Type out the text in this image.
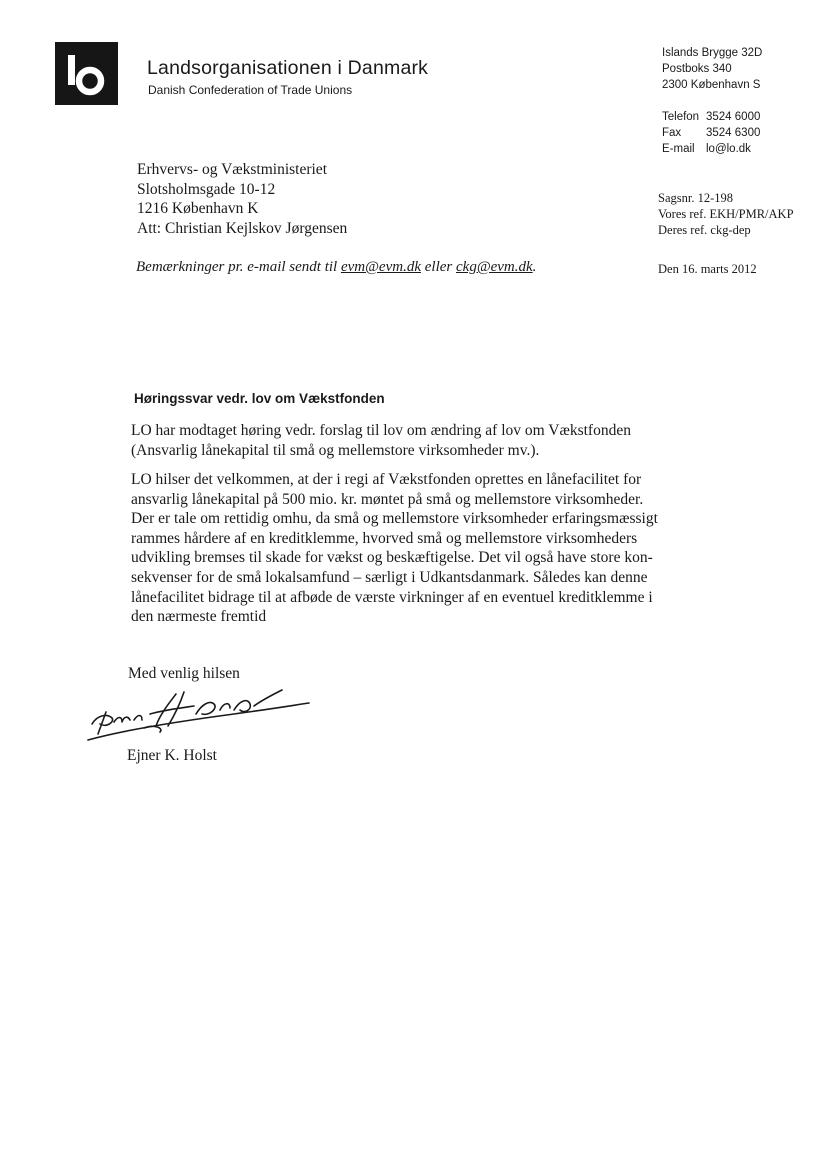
Landsorganisationen i Danmark
Danish Confederation of Trade Unions
Islands Brygge 32D
Postboks 340
2300 København S
Telefon 3524 6000
Fax 3524 6300
E-mail lo@lo.dk
Erhvervs- og Vækstministeriet
Slotsholmsgade 10-12
1216 København K
Att: Christian Kejlskov Jørgensen
Sagsnr. 12-198
Vores ref. EKH/PMR/AKP
Deres ref. ckg-dep
Den 16. marts 2012
Bemærkninger pr. e-mail sendt til evm@evm.dk eller ckg@evm.dk.
Høringssvar vedr. lov om Vækstfonden
LO har modtaget høring vedr. forslag til lov om ændring af lov om Vækstfonden
(Ansvarlig lånekapital til små og mellemstore virksomheder mv.).
LO hilser det velkommen, at der i regi af Vækstfonden oprettes en lånefacilitet for
ansvarlig lånekapital på 500 mio. kr. møntet på små og mellemstore virksomheder.
Der er tale om rettidig omhu, da små og mellemstore virksomheder erfaringsmæssigt
rammes hårdere af en kreditklemme, hvorved små og mellemstore virksomheders
udvikling bremses til skade for vækst og beskæftigelse. Det vil også have store kon-
sekvenser for de små lokalsamfund – særligt i Udkantsdanmark. Således kan denne
lånefacilitet bidrage til at afbøde de værste virkninger af en eventuel kreditklemme i
den nærmeste fremtid
Med venlig hilsen
Ejner K. Holst
